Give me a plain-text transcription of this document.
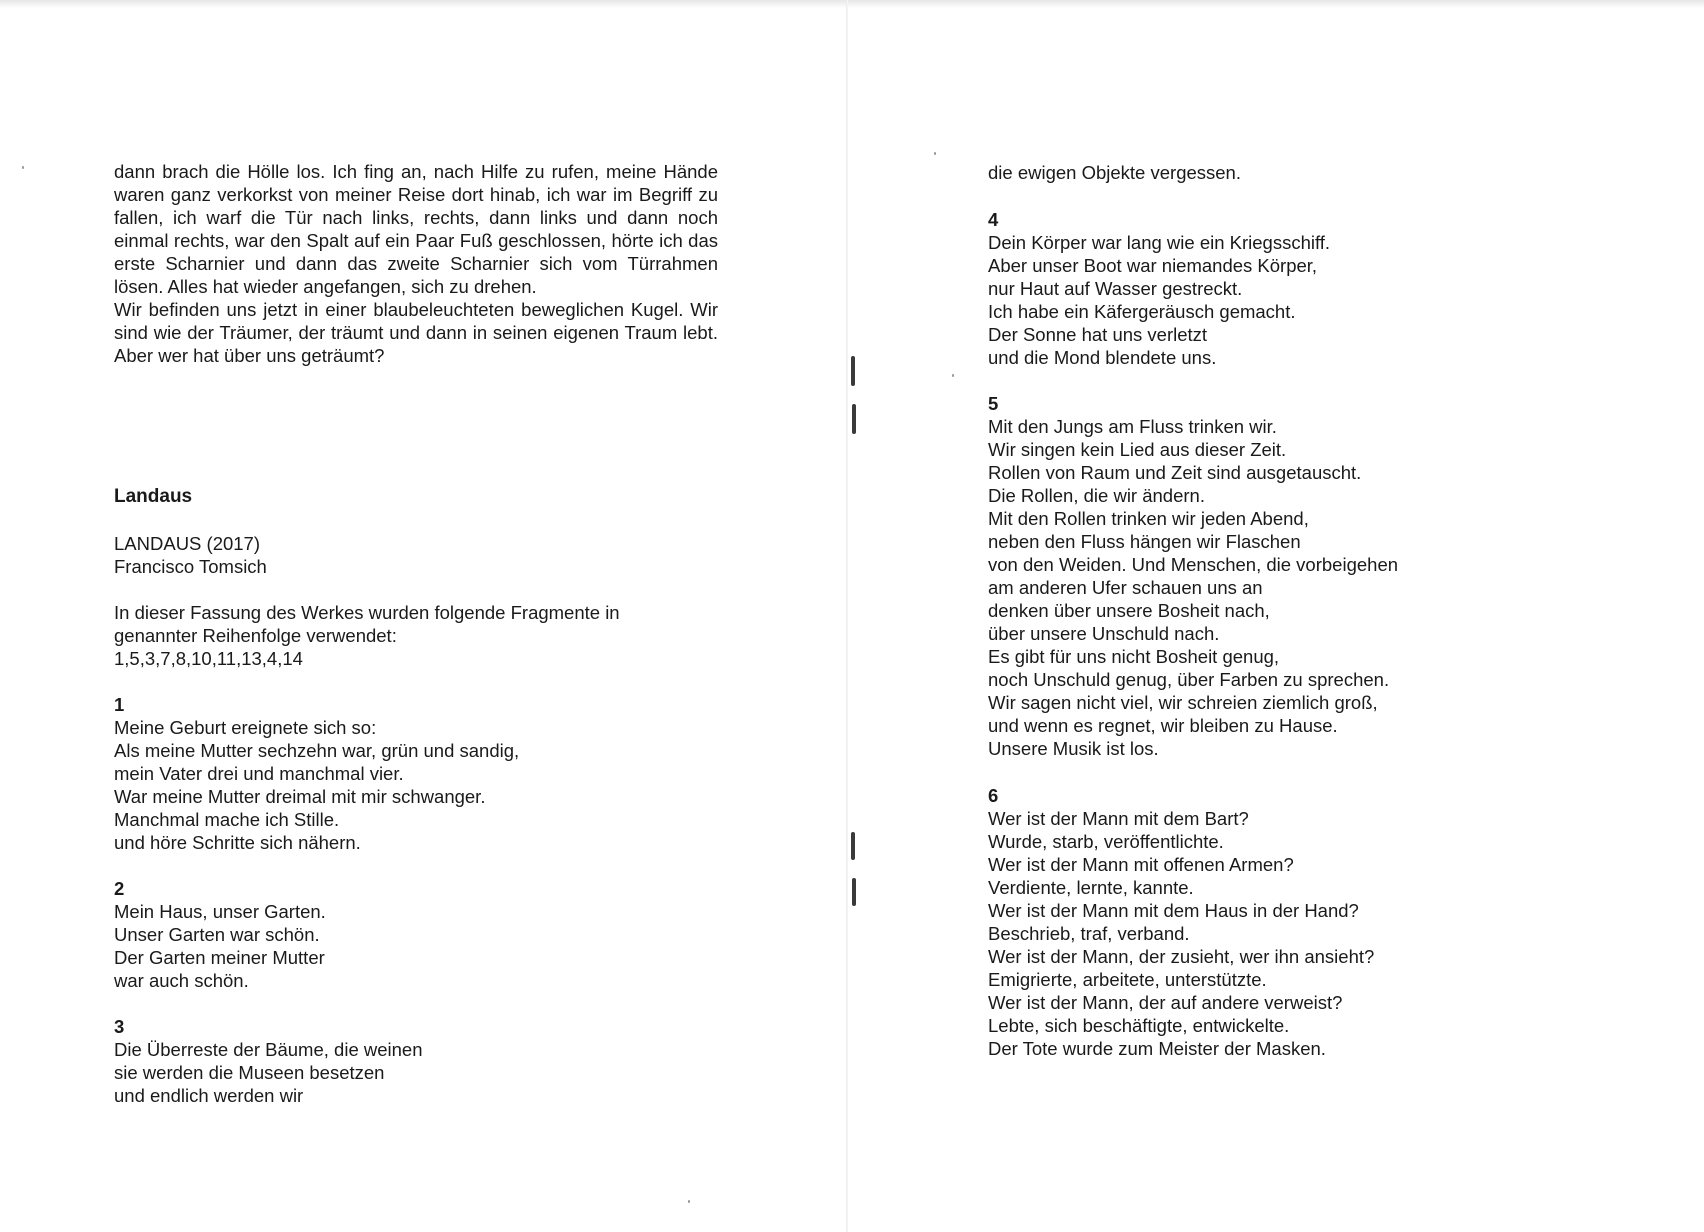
dann brach die Hölle los. Ich fing an, nach Hilfe zu rufen, meine Hände waren ganz verkorkst von meiner Reise dort hinab, ich war im Begriff zu fallen, ich warf die Tür nach links, rechts, dann links und dann noch einmal rechts, war den Spalt auf ein Paar Fuß geschlossen, hörte ich das erste Scharnier und dann das zweite Scharnier sich vom Türrahmen lösen. Alles hat wieder angefangen, sich zu drehen.

Wir befinden uns jetzt in einer blaubeleuchteten beweglichen Kugel. Wir sind wie der Träumer, der träumt und dann in seinen eigenen Traum lebt. Aber wer hat über uns geträumt?

Landaus
LANDAUS (2017)
Francisco Tomsich
In dieser Fassung des Werkes wurden folgende Fragmente in
genannter Reihenfolge verwendet:
1,5,3,7,8,10,11,13,4,14
1
Meine Geburt ereignete sich so:
Als meine Mutter sechzehn war, grün und sandig,
mein Vater drei und manchmal vier.
War meine Mutter dreimal mit mir schwanger.
Manchmal mache ich Stille.
und höre Schritte sich nähern.
2
Mein Haus, unser Garten.
Unser Garten war schön.
Der Garten meiner Mutter
war auch schön.
3
Die Überreste der Bäume, die weinen
sie werden die Museen besetzen
und endlich werden wir
die ewigen Objekte vergessen.
4
Dein Körper war lang wie ein Kriegsschiff.
Aber unser Boot war niemandes Körper,
nur Haut auf Wasser gestreckt.
Ich habe ein Käfergeräusch gemacht.
Der Sonne hat uns verletzt
und die Mond blendete uns.
5
Mit den Jungs am Fluss trinken wir.
Wir singen kein Lied aus dieser Zeit.
Rollen von Raum und Zeit sind ausgetauscht.
Die Rollen, die wir ändern.
Mit den Rollen trinken wir jeden Abend,
neben den Fluss hängen wir Flaschen
von den Weiden. Und Menschen, die vorbeigehen
am anderen Ufer schauen uns an
denken über unsere Bosheit nach,
über unsere Unschuld nach.
Es gibt für uns nicht Bosheit genug,
noch Unschuld genug, über Farben zu sprechen.
Wir sagen nicht viel, wir schreien ziemlich groß,
und wenn es regnet, wir bleiben zu Hause.
Unsere Musik ist los.
6
Wer ist der Mann mit dem Bart?
Wurde, starb, veröffentlichte.
Wer ist der Mann mit offenen Armen?
Verdiente, lernte, kannte.
Wer ist der Mann mit dem Haus in der Hand?
Beschrieb, traf, verband.
Wer ist der Mann, der zusieht, wer ihn ansieht?
Emigrierte, arbeitete, unterstützte.
Wer ist der Mann, der auf andere verweist?
Lebte, sich beschäftigte, entwickelte.
Der Tote wurde zum Meister der Masken.
